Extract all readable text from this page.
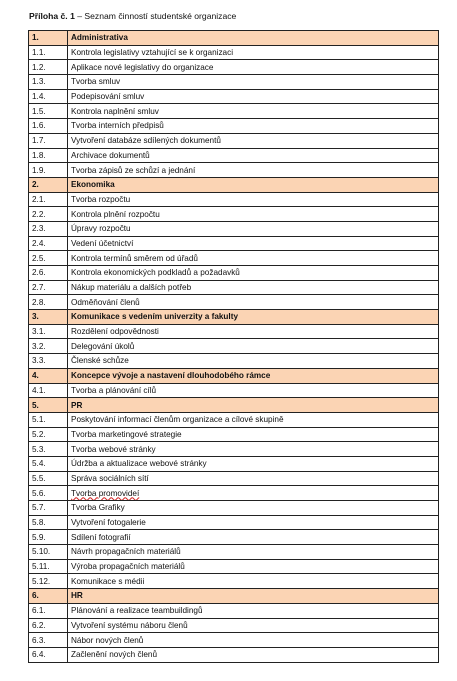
Příloha č. 1 – Seznam činností studentské organizace
1.	Administrativa
1.1.	Kontrola legislativy vztahující se k organizaci
1.2.	Aplikace nové legislativy do organizace
1.3.	Tvorba smluv
1.4.	Podepisování smluv
1.5.	Kontrola naplnění smluv
1.6.	Tvorba interních předpisů
1.7.	Vytvoření databáze sdílených dokumentů
1.8.	Archivace dokumentů
1.9.	Tvorba zápisů ze schůzí a jednání
2.	Ekonomika
2.1.	Tvorba rozpočtu
2.2.	Kontrola plnění rozpočtu
2.3.	Úpravy rozpočtu
2.4.	Vedení účetnictví
2.5.	Kontrola termínů směrem od úřadů
2.6.	Kontrola ekonomických podkladů a požadavků
2.7.	Nákup materiálu a dalších potřeb
2.8.	Odměňování členů
3.	Komunikace s vedením univerzity a fakulty
3.1.	Rozdělení odpovědnosti
3.2.	Delegování úkolů
3.3.	Členské schůze
4.	Koncepce vývoje a nastavení dlouhodobého rámce
4.1.	Tvorba a plánování cílů
5.	PR
5.1.	Poskytování informací členům organizace a cílové skupině
5.2.	Tvorba marketingové strategie
5.3.	Tvorba webové stránky
5.4.	Údržba a aktualizace webové stránky
5.5.	Správa sociálních sítí
5.6.	Tvorba promovideí
5.7.	Tvorba Grafiky
5.8.	Vytvoření fotogalerie
5.9.	Sdílení fotografií
5.10.	Návrh propagačních materiálů
5.11.	Výroba propagačních materiálů
5.12.	Komunikace s médii
6.	HR
6.1.	Plánování a realizace teambuildingů
6.2.	Vytvoření systému náboru členů
6.3.	Nábor nových členů
6.4.	Začlenění nových členů
